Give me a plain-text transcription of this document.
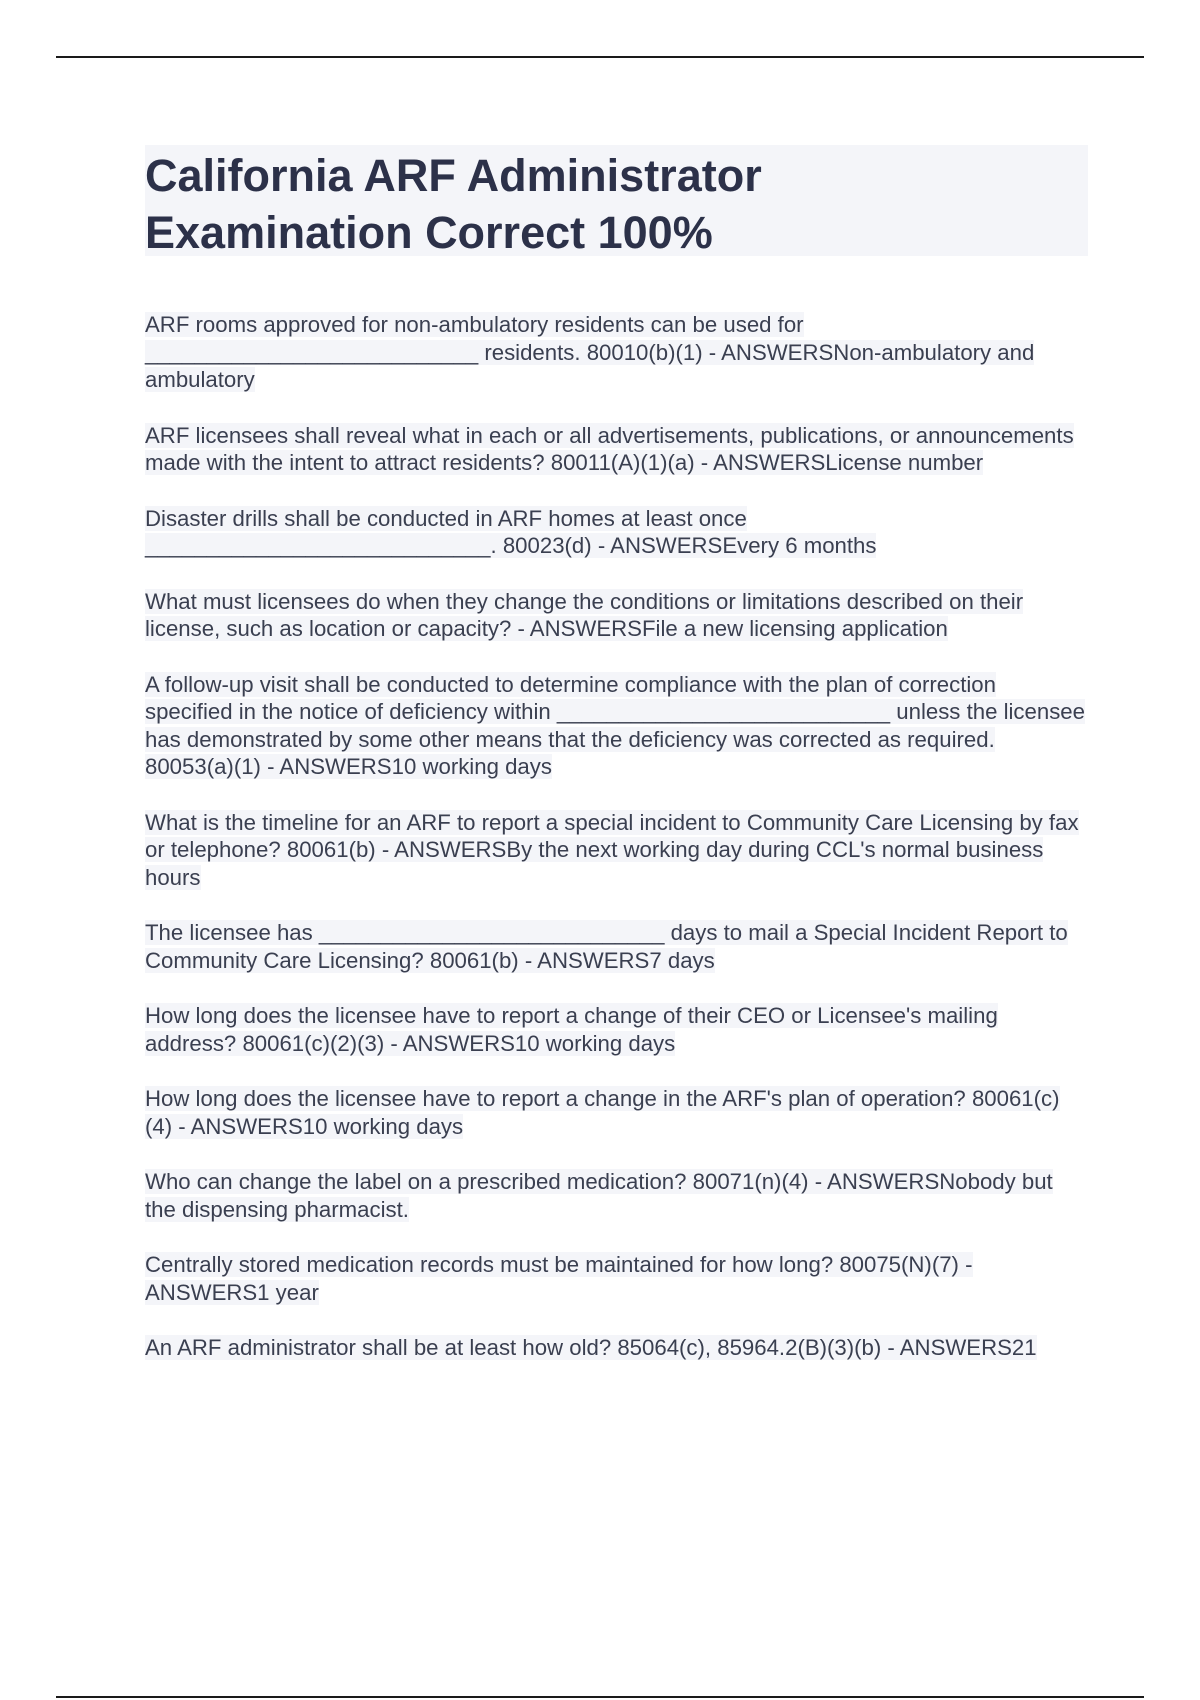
California ARF Administrator
Examination Correct 100%

ARF rooms approved for non-ambulatory residents can be used for ___________________________ residents. 80010(b)(1) - ANSWERSNon-ambulatory and ambulatory

ARF licensees shall reveal what in each or all advertisements, publications, or announcements made with the intent to attract residents? 80011(A)(1)(a) - ANSWERSLicense number

Disaster drills shall be conducted in ARF homes at least once ____________________________. 80023(d) - ANSWERSEvery 6 months

What must licensees do when they change the conditions or limitations described on their license, such as location or capacity? - ANSWERSFile a new licensing application

A follow-up visit shall be conducted to determine compliance with the plan of correction specified in the notice of deficiency within ___________________________ unless the licensee has demonstrated by some other means that the deficiency was corrected as required. 80053(a)(1) - ANSWERS10 working days

What is the timeline for an ARF to report a special incident to Community Care Licensing by fax or telephone? 80061(b) - ANSWERSBy the next working day during CCL's normal business hours

The licensee has ____________________________ days to mail a Special Incident Report to Community Care Licensing? 80061(b) - ANSWERS7 days

How long does the licensee have to report a change of their CEO or Licensee's mailing address? 80061(c)(2)(3) - ANSWERS10 working days

How long does the licensee have to report a change in the ARF's plan of operation? 80061(c)(4) - ANSWERS10 working days

Who can change the label on a prescribed medication? 80071(n)(4) - ANSWERSNobody but the dispensing pharmacist.

Centrally stored medication records must be maintained for how long? 80075(N)(7) - ANSWERS1 year

An ARF administrator shall be at least how old? 85064(c), 85964.2(B)(3)(b) - ANSWERS21
